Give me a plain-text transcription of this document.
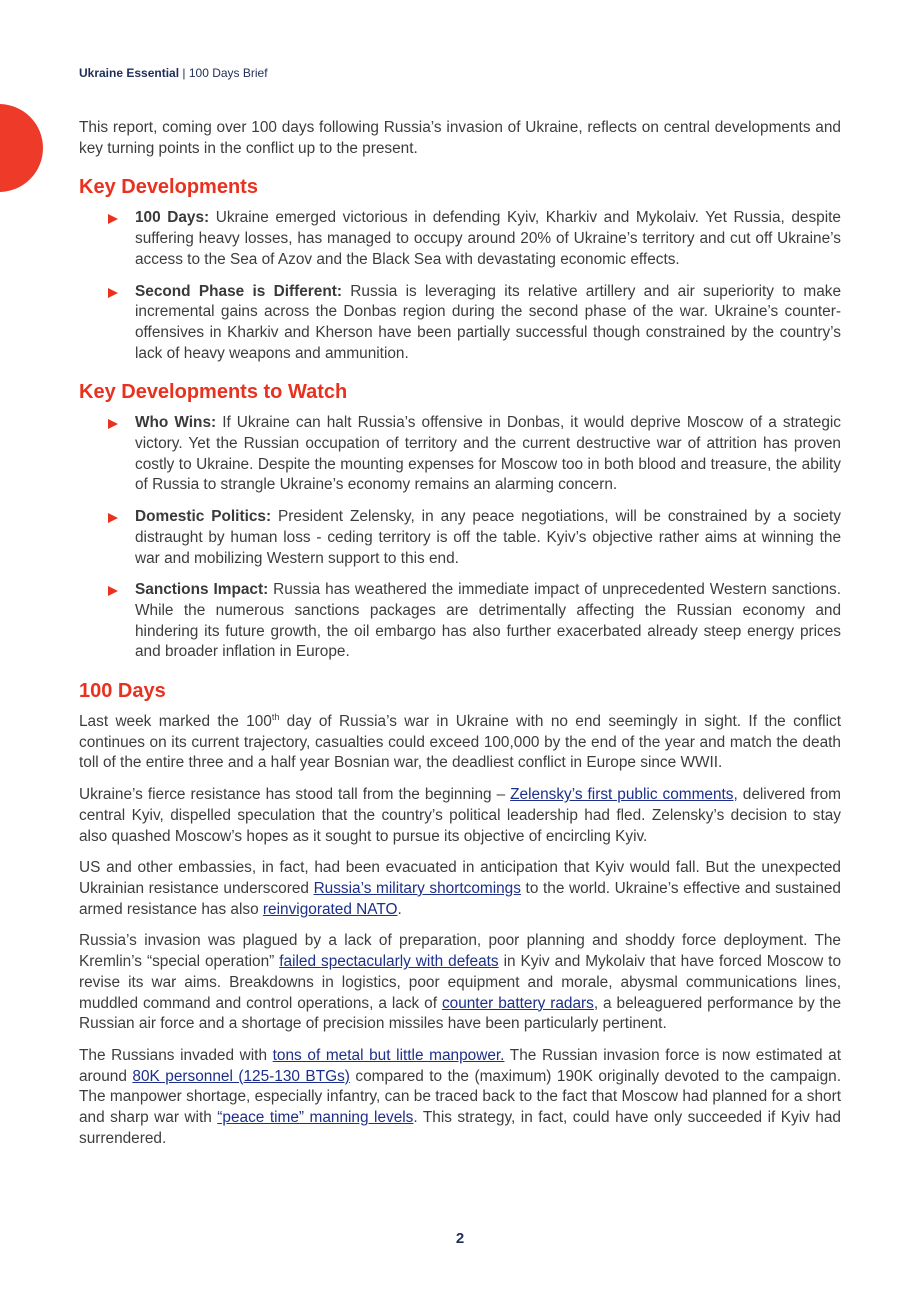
Ukraine Essential | 100 Days Brief

This report, coming over 100 days following Russia’s invasion of Ukraine, reflects on central developments and key turning points in the conflict up to the present.

Key Developments
100 Days: Ukraine emerged victorious in defending Kyiv, Kharkiv and Mykolaiv. Yet Russia, despite suffering heavy losses, has managed to occupy around 20% of Ukraine’s territory and cut off Ukraine’s access to the Sea of Azov and the Black Sea with devastating economic effects.
Second Phase is Different: Russia is leveraging its relative artillery and air superiority to make incremental gains across the Donbas region during the second phase of the war. Ukraine’s counter-offensives in Kharkiv and Kherson have been partially successful though constrained by the country’s lack of heavy weapons and ammunition.
Key Developments to Watch
Who Wins: If Ukraine can halt Russia’s offensive in Donbas, it would deprive Moscow of a strategic victory. Yet the Russian occupation of territory and the current destructive war of attrition has proven costly to Ukraine. Despite the mounting expenses for Moscow too in both blood and treasure, the ability of Russia to strangle Ukraine’s economy remains an alarming concern.
Domestic Politics: President Zelensky, in any peace negotiations, will be constrained by a society distraught by human loss - ceding territory is off the table. Kyiv’s objective rather aims at winning the war and mobilizing Western support to this end.
Sanctions Impact: Russia has weathered the immediate impact of unprecedented Western sanctions. While the numerous sanctions packages are detrimentally affecting the Russian economy and hindering its future growth, the oil embargo has also further exacerbated already steep energy prices and broader inflation in Europe.
100 Days

Last week marked the 100th day of Russia’s war in Ukraine with no end seemingly in sight. If the conflict continues on its current trajectory, casualties could exceed 100,000 by the end of the year and match the death toll of the entire three and a half year Bosnian war, the deadliest conflict in Europe since WWII.

Ukraine’s fierce resistance has stood tall from the beginning – Zelensky’s first public comments, delivered from central Kyiv, dispelled speculation that the country’s political leadership had fled. Zelensky’s decision to stay also quashed Moscow’s hopes as it sought to pursue its objective of encircling Kyiv.

US and other embassies, in fact, had been evacuated in anticipation that Kyiv would fall. But the unexpected Ukrainian resistance underscored Russia’s military shortcomings to the world. Ukraine’s effective and sustained armed resistance has also reinvigorated NATO.

Russia’s invasion was plagued by a lack of preparation, poor planning and shoddy force deployment. The Kremlin’s “special operation” failed spectacularly with defeats in Kyiv and Mykolaiv that have forced Moscow to revise its war aims. Breakdowns in logistics, poor equipment and morale, abysmal communications lines, muddled command and control operations, a lack of counter battery radars, a beleaguered performance by the Russian air force and a shortage of precision missiles have been particularly pertinent.

The Russians invaded with tons of metal but little manpower. The Russian invasion force is now estimated at around 80K personnel (125-130 BTGs) compared to the (maximum) 190K originally devoted to the campaign. The manpower shortage, especially infantry, can be traced back to the fact that Moscow had planned for a short and sharp war with “peace time” manning levels. This strategy, in fact, could have only succeeded if Kyiv had surrendered.

2
